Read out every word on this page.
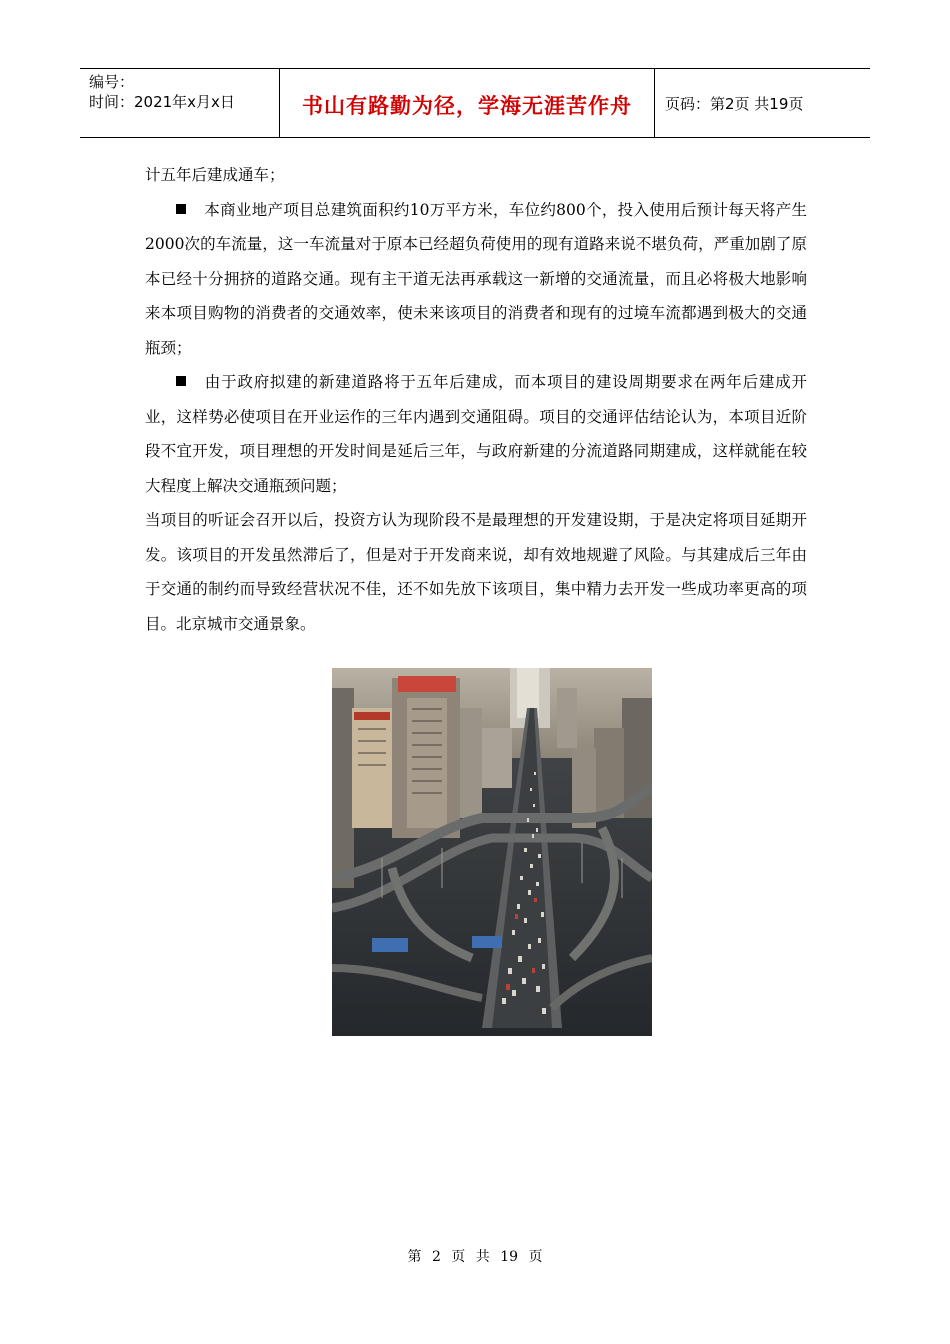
编号：
时间：2021年x月x日	书山有路勤为径，学海无涯苦作舟	页码：第2页 共19页

计五年后建成通车；

本商业地产项目总建筑面积约10万平方米，车位约800个，投入使用后预计每天将产生2000次的车流量，这一车流量对于原本已经超负荷使用的现有道路来说不堪负荷，严重加剧了原本已经十分拥挤的道路交通。现有主干道无法再承载这一新增的交通流量，而且必将极大地影响来本项目购物的消费者的交通效率，使未来该项目的消费者和现有的过境车流都遇到极大的交通瓶颈；

由于政府拟建的新建道路将于五年后建成，而本项目的建设周期要求在两年后建成开业，这样势必使项目在开业运作的三年内遇到交通阻碍。项目的交通评估结论认为，本项目近阶段不宜开发，项目理想的开发时间是延后三年，与政府新建的分流道路同期建成，这样就能在较大程度上解决交通瓶颈问题；

当项目的听证会召开以后，投资方认为现阶段不是最理想的开发建设期，于是决定将项目延期开发。该项目的开发虽然滞后了，但是对于开发商来说，却有效地规避了风险。与其建成后三年由于交通的制约而导致经营状况不佳，还不如先放下该项目，集中精力去开发一些成功率更高的项目。北京城市交通景象。

第 2 页 共 19 页
